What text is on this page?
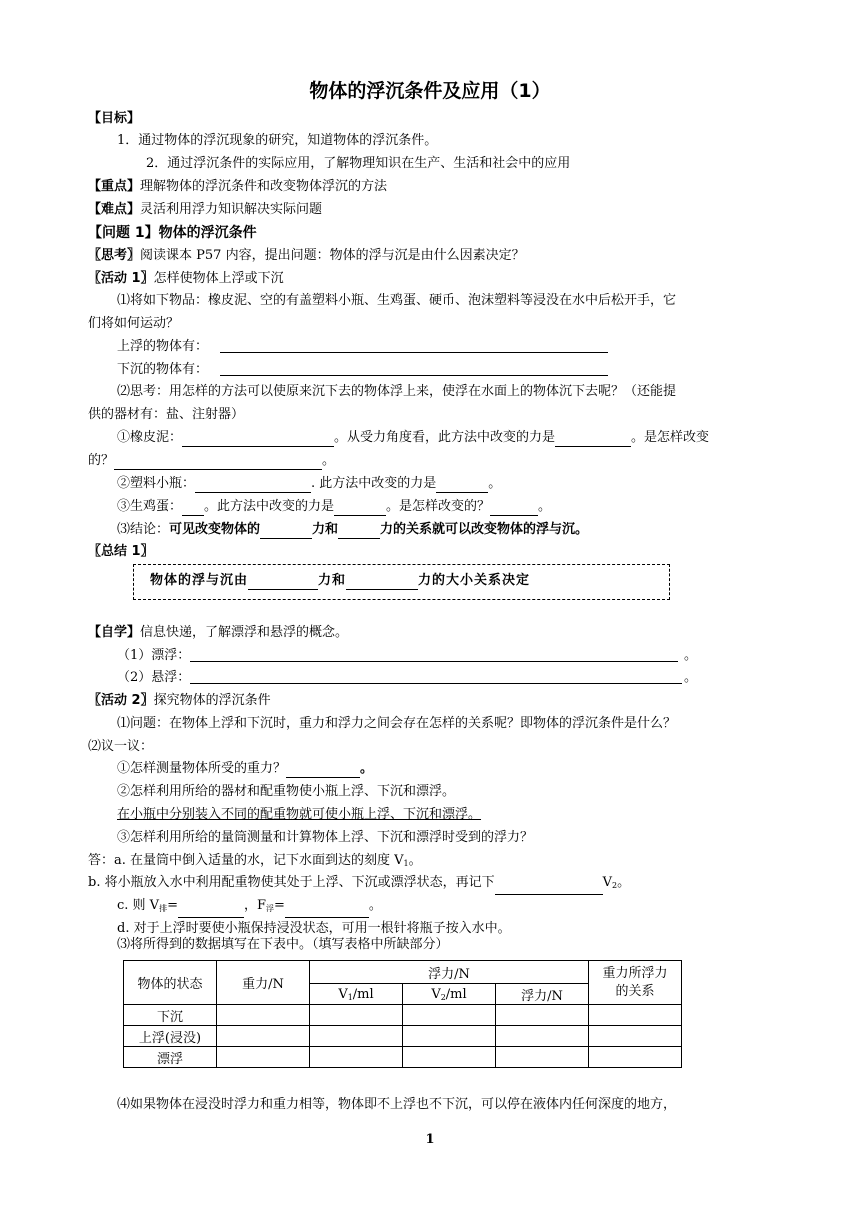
物体的浮沉条件及应用（1）
【目标】
1．通过物体的浮沉现象的研究，知道物体的浮沉条件。
2．通过浮沉条件的实际应用，了解物理知识在生产、生活和社会中的应用
【重点】理解物体的浮沉条件和改变物体浮沉的方法
【难点】灵活利用浮力知识解决实际问题
【问题 1】物体的浮沉条件
〖思考〗阅读课本 P57 内容，提出问题：物体的浮与沉是由什么因素决定？
〖活动 1〗怎样使物体上浮或下沉
⑴将如下物品：橡皮泥、空的有盖塑料小瓶、生鸡蛋、硬币、泡沫塑料等浸没在水中后松开手，它
们将如何运动？
上浮的物体有：
下沉的物体有：
⑵思考：用怎样的方法可以使原来沉下去的物体浮上来，使浮在水面上的物体沉下去呢？（还能提
供的器材有：盐、注射器）
①橡皮泥：	。从受力角度看，此方法中改变的力是	。是怎样改变
的？	。
②塑料小瓶：	. 此方法中改变的力是	。
③生鸡蛋： 。此方法中改变的力是	。是怎样改变的？	。
⑶结论：可见改变物体的	力和	力的关系就可以改变物体的浮与沉。
〖总结 1〗
物体的浮与沉由	力和	力的大小关系决定
【自学】信息快递，了解漂浮和悬浮的概念。
（1）漂浮：	。
（2）悬浮：	。
〖活动 2〗探究物体的浮沉条件
⑴问题：在物体上浮和下沉时，重力和浮力之间会存在怎样的关系呢？即物体的浮沉条件是什么？
⑵议一议：
①怎样测量物体所受的重力？	。
②怎样利用所给的器材和配重物使小瓶上浮、下沉和漂浮。
在小瓶中分别装入不同的配重物就可使小瓶上浮、下沉和漂浮。
③怎样利用所给的量筒测量和计算物体上浮、下沉和漂浮时受到的浮力？
答：a. 在量筒中倒入适量的水，记下水面到达的刻度 $V_1$。
b. 将小瓶放入水中利用配重物使其处于上浮、下沉或漂浮状态，再记下	$V_2$。
c. 则 $V_排=$	，$F_浮=$	。
d. 对于上浮时要使小瓶保持浸没状态，可用一根针将瓶子按入水中。
⑶将所得到的数据填写在下表中。（填写表格中所缺部分）
物体的状态	重力/N	浮力/N			重力所浮力
的关系
		$V_1/ml$	$V_2/ml$	浮力/N	
下沉					
上浮(浸没)					
漂浮					
⑷如果物体在浸没时浮力和重力相等，物体即不上浮也不下沉，可以停在液体内任何深度的地方，
1
